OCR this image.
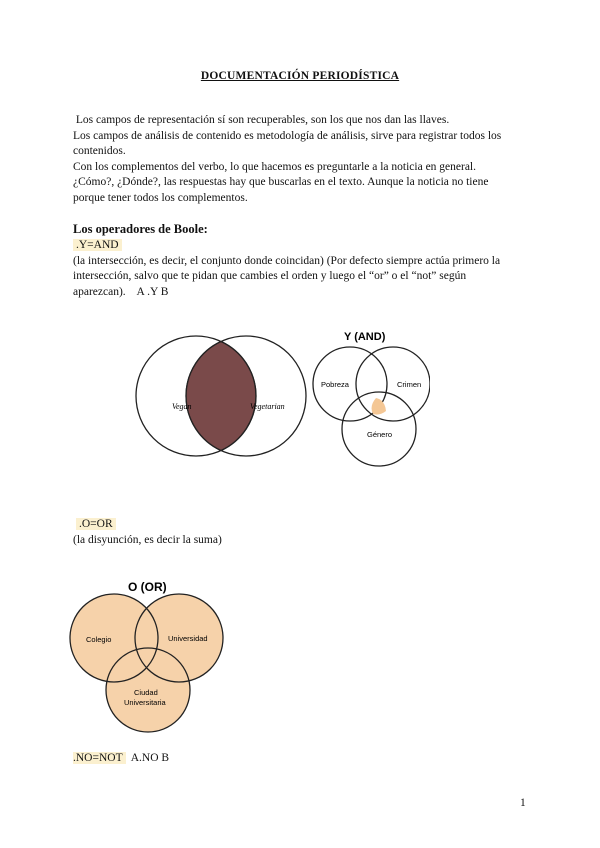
DOCUMENTACIÓN PERIODÍSTICA
Los campos de representación sí son recuperables, son los que nos dan las llaves.
Los campos de análisis de contenido es metodología de análisis, sirve para registrar todos los
contenidos.
Con los complementos del verbo, lo que hacemos es preguntarle a la noticia en general.
¿Cómo?, ¿Dónde?, las respuestas hay que buscarlas en el texto. Aunque la noticia no tiene
porque tener todos los complementos.
Los operadores de Boole:
.Y=AND
(la intersección, es decir, el conjunto donde coincidan) (Por defecto siempre actúa primero la
intersección, salvo que te pidan que cambies el orden y luego el “or” o el “not” según
aparezcan).    A .Y B
Vegan	Vegetarian
Y (AND)
Pobreza	Crimen
Género
.O=OR
(la disyunción, es decir la suma)
O (OR)
Colegio	Universidad
Ciudad
Universitaria
.NO=NOT  A.NO B
1
